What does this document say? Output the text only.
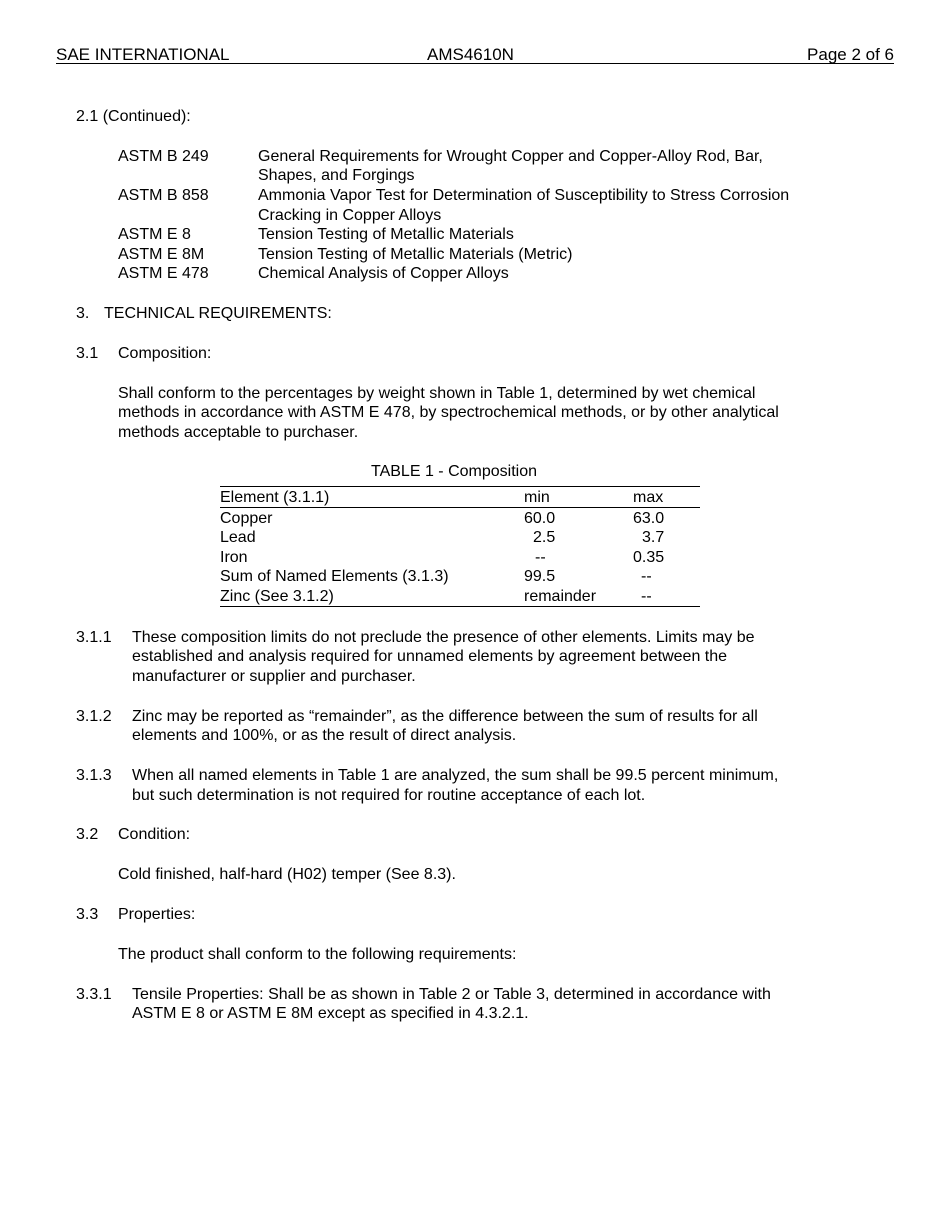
SAE INTERNATIONAL	AMS4610N	Page 2 of 6
2.1 (Continued):
ASTM B 249	General Requirements for Wrought Copper and Copper-Alloy Rod, Bar,
Shapes, and Forgings
ASTM B 858	Ammonia Vapor Test for Determination of Susceptibility to Stress Corrosion
Cracking in Copper Alloys
ASTM E 8	Tension Testing of Metallic Materials
ASTM E 8M	Tension Testing of Metallic Materials (Metric)
ASTM E 478	Chemical Analysis of Copper Alloys
3. TECHNICAL REQUIREMENTS:
3.1 Composition:
Shall conform to the percentages by weight shown in Table 1, determined by wet chemical
methods in accordance with ASTM E 478, by spectrochemical methods, or by other analytical
methods acceptable to purchaser.
TABLE 1 - Composition
Element (3.1.1)	min	max
Copper	60.0	63.0
Lead	2.5	3.7
Iron	--	0.35
Sum of Named Elements (3.1.3)	99.5	--
Zinc (See 3.1.2)	remainder	--
3.1.1 These composition limits do not preclude the presence of other elements. Limits may be
established and analysis required for unnamed elements by agreement between the
manufacturer or supplier and purchaser.
3.1.2 Zinc may be reported as “remainder”, as the difference between the sum of results for all
elements and 100%, or as the result of direct analysis.
3.1.3 When all named elements in Table 1 are analyzed, the sum shall be 99.5 percent minimum,
but such determination is not required for routine acceptance of each lot.
3.2 Condition:
Cold finished, half-hard (H02) temper (See 8.3).
3.3 Properties:
The product shall conform to the following requirements:
3.3.1 Tensile Properties: Shall be as shown in Table 2 or Table 3, determined in accordance with
ASTM E 8 or ASTM E 8M except as specified in 4.3.2.1.
